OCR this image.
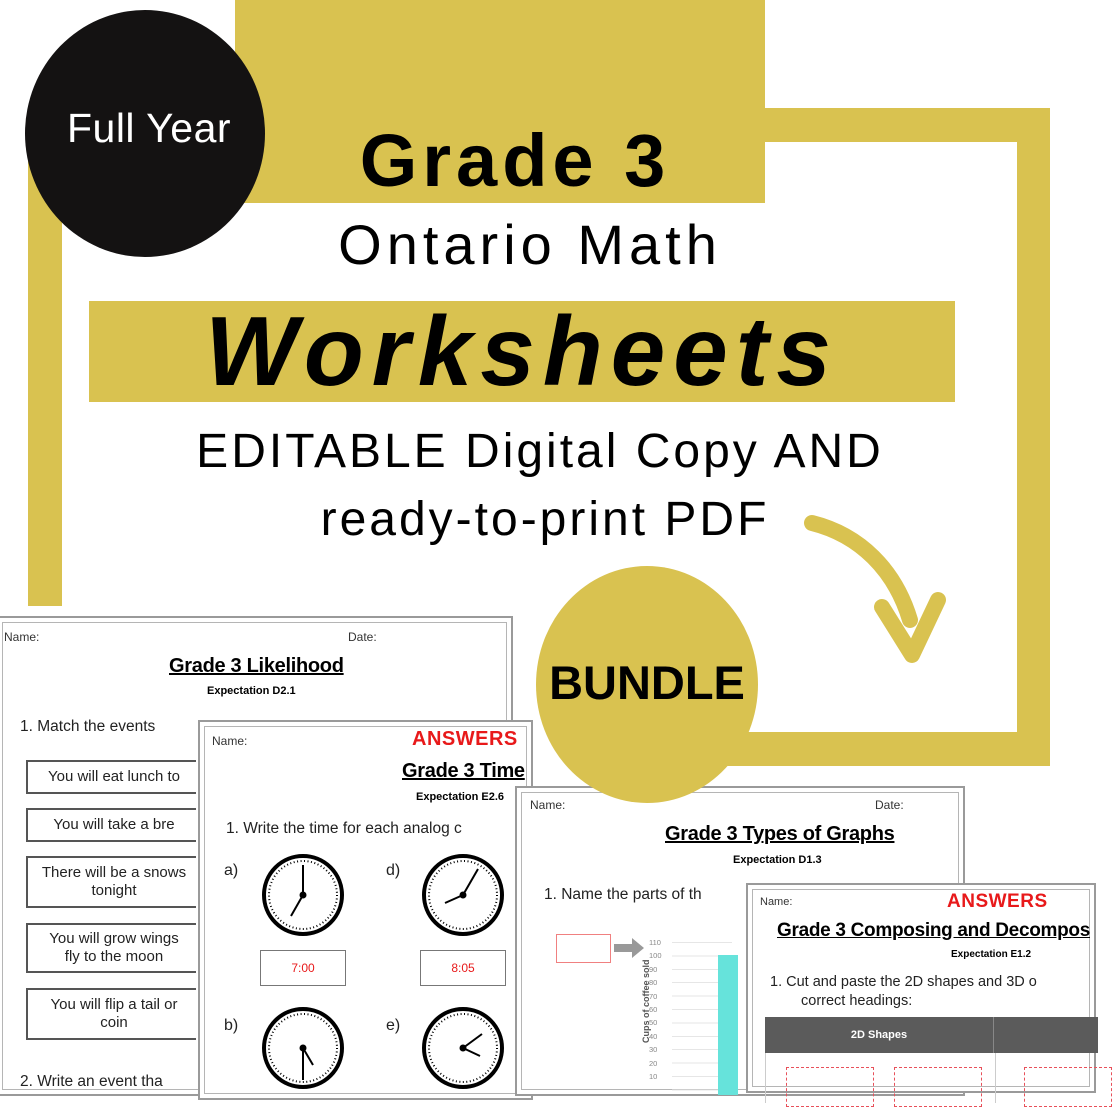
Full Year	Grade 3
Ontario Math
Worksheets
EDITABLE Digital Copy AND
ready-to-print PDF
Name:	Date:
Grade 3 Likelihood
Expectation D2.1
1. Match the events
You will eat lunch to
You will take a bre
There will be a snows
tonight
You will grow wings
fly to the moon
You will flip a tail or
coin
2. Write an event tha
Name:	ANSWERS
Grade 3 Time
Expectation E2.6
1. Write the time for each analog c
a)
7:00
d)
8:05
b)	e)
Name:	Date:
Grade 3 Types of Graphs
Expectation D1.3
1. Name the parts of th
Cups of coffee sold
110
100
90
80
70
60
50
40
30
20
10
Name:	ANSWERS
Grade 3 Composing and Decompos
Expectation E1.2
1. Cut and paste the 2D shapes and 3D o
correct headings:
2D Shapes
BUNDLE
